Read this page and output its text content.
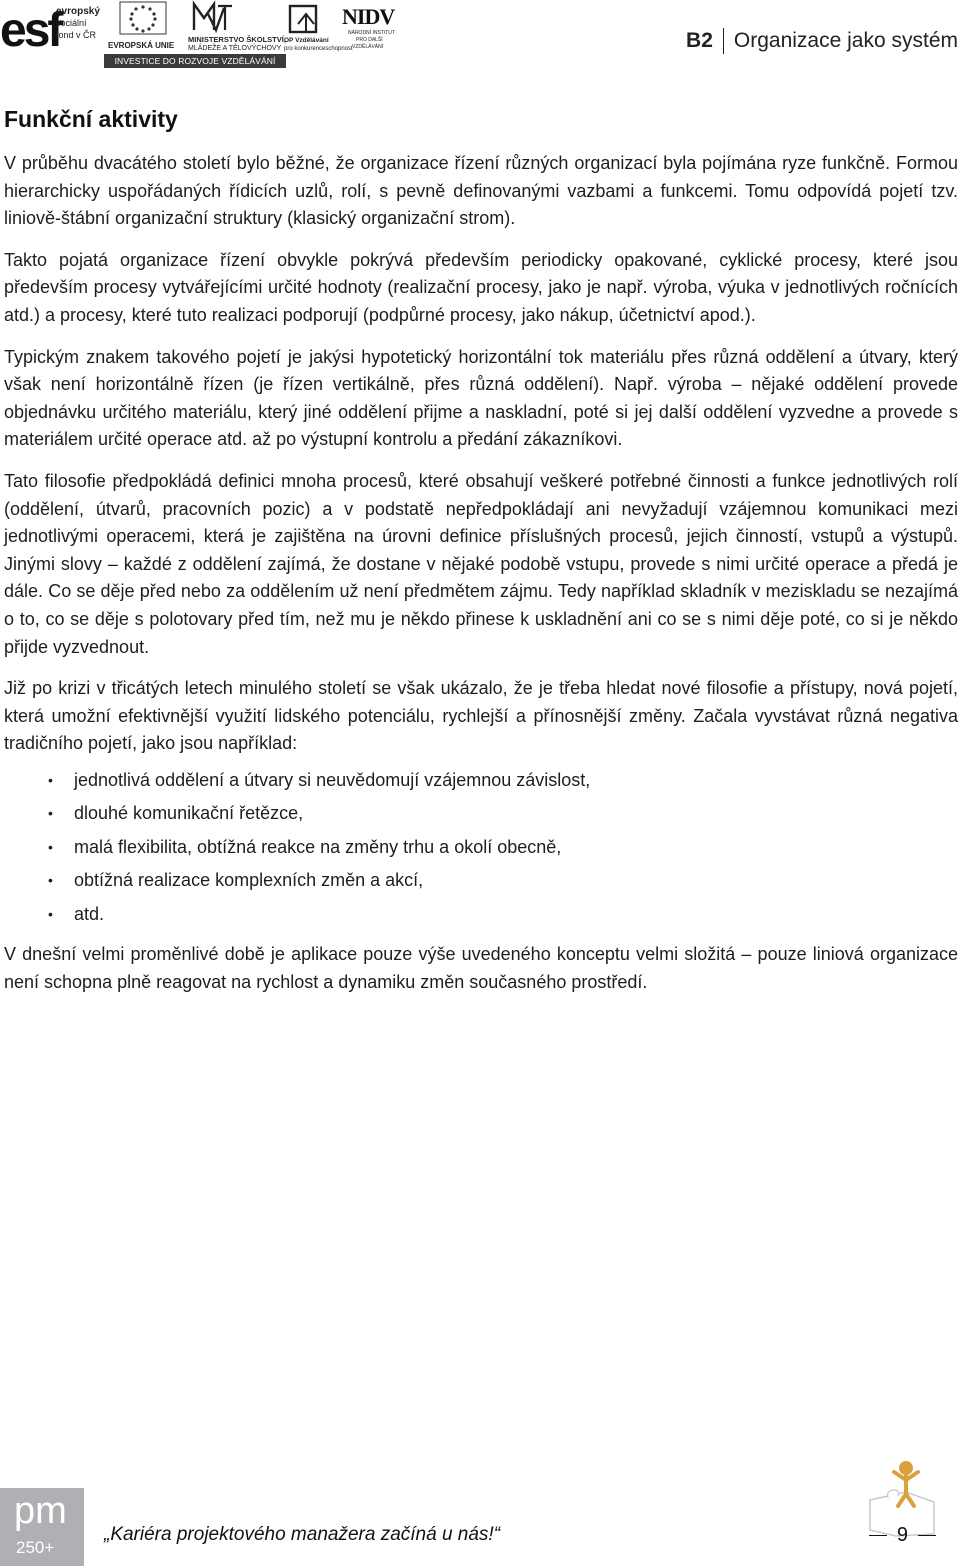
esf
evropský
sociální
fond v ČR
EVROPSKÁ UNIE
MINISTERSTVO ŠKOLSTVÍ,
MLÁDEŽE A TĚLOVÝCHOVY
OP Vzdělávání
pro konkurenceschopnost
NIDV
NÁRODNÍ INSTITUT
PRO DALŠÍ
VZDĚLÁVÁNÍ
INVESTICE DO ROZVOJE VZDĚLÁVÁNÍ
B2 Organizace jako systém
Funkční aktivity

V průběhu dvacátého století bylo běžné, že organizace řízení různých organizací byla pojímána ryze funkčně. Formou hierarchicky uspořádaných řídicích uzlů, rolí, s pevně definovanými vazbami a funkcemi. Tomu odpovídá pojetí tzv. liniově-štábní organizační struktury (klasický organizační strom).

Takto pojatá organizace řízení obvykle pokrývá především periodicky opakované, cyklické procesy, které jsou především procesy vytvářejícími určité hodnoty (realizační procesy, jako je např. výroba, výuka v jednotlivých ročnících atd.) a procesy, které tuto realizaci podporují (podpůrné procesy, jako nákup, účetnictví apod.).

Typickým znakem takového pojetí je jakýsi hypotetický horizontální tok materiálu přes různá oddělení a útvary, který však není horizontálně řízen (je řízen vertikálně, přes různá oddělení). Např. výroba – nějaké oddělení provede objednávku určitého materiálu, který jiné oddělení přijme a naskladní, poté si jej další oddělení vyzvedne a provede s materiálem určité operace atd. až po výstupní kontrolu a předání zákazníkovi.

Tato filosofie předpokládá definici mnoha procesů, které obsahují veškeré potřebné činnosti a funkce jednotlivých rolí (oddělení, útvarů, pracovních pozic) a v podstatě nepředpokládají ani nevyžadují vzájemnou komunikaci mezi jednotlivými operacemi, která je zajištěna na úrovni definice příslušných procesů, jejich činností, vstupů a výstupů. Jinými slovy – každé z oddělení zajímá, že dostane v nějaké podobě vstupu, provede s nimi určité operace a předá je dále. Co se děje před nebo za oddělením už není předmětem zájmu. Tedy například skladník v meziskladu se nezajímá o to, co se děje s polotovary před tím, než mu je někdo přinese k uskladnění ani co se s nimi děje poté, co si je někdo přijde vyzvednout.

Již po krizi v třicátých letech minulého století se však ukázalo, že je třeba hledat nové filosofie a přístupy, nová pojetí, která umožní efektivnější využití lidského potenciálu, rychlejší a přínosnější změny. Začala vyvstávat různá negativa tradičního pojetí, jako jsou například:

• jednotlivá oddělení a útvary si neuvědomují vzájemnou závislost,
• dlouhé komunikační řetězce,
• malá flexibilita, obtížná reakce na změny trhu a okolí obecně,
• obtížná realizace komplexních změn a akcí,
• atd.

V dnešní velmi proměnlivé době je aplikace pouze výše uvedeného konceptu velmi složitá – pouze liniová organizace není schopna plně reagovat na rychlost a dynamiku změn současného prostředí.

pm
250+
„Kariéra projektového manažera začíná u nás!“	9
